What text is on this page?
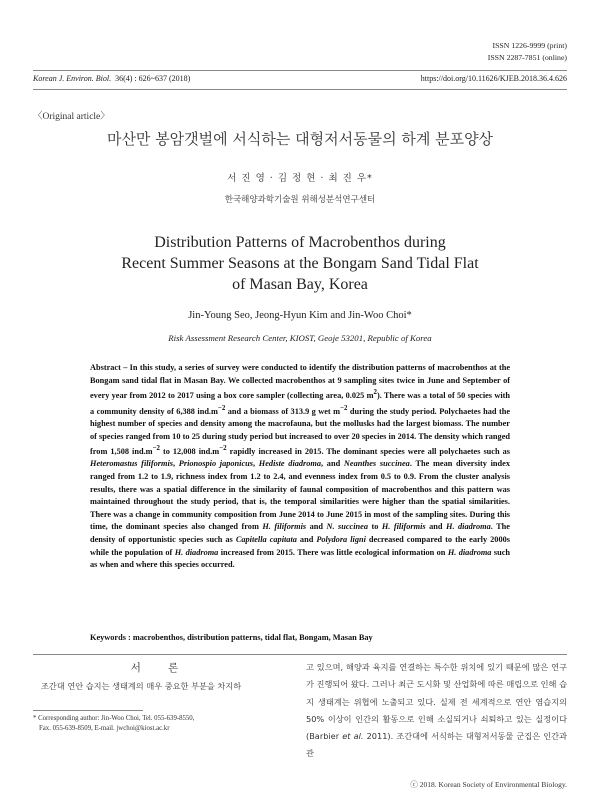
ISSN 1226-9999 (print)
ISSN 2287-7851 (online)
Korean J. Environ. Biol. 36(4) : 626~637 (2018)	https://doi.org/10.11626/KJEB.2018.36.4.626
〈Original article〉
마산만 봉암갯벌에 서식하는 대형저서동물의 하계 분포양상
서 진 영 · 김 정 현 · 최 진 우*
한국해양과학기술원 위해성분석연구센터
Distribution Patterns of Macrobenthos during
Recent Summer Seasons at the Bongam Sand Tidal Flat
of Masan Bay, Korea
Jin-Young Seo, Jeong-Hyun Kim and Jin-Woo Choi*
Risk Assessment Research Center, KIOST, Geoje 53201, Republic of Korea
Abstract – In this study, a series of survey were conducted to identify the distribution patterns of macrobenthos at the Bongam sand tidal flat in Masan Bay. We collected macrobenthos at 9 sampling sites twice in June and September of every year from 2012 to 2017 using a box core sampler (collecting area, 0.025 $m^2$). There was a total of 50 species with a community density of 6,388 $ind.m^{-2}$ and a biomass of 313.9 g wet $m^{-2}$ during the study period. Polychaetes had the highest number of species and density among the macrofauna, but the mollusks had the largest biomass. The number of species ranged from 10 to 25 during study period but increased to over 20 species in 2014. The density which ranged from 1,508 $ind.m^{-2}$ to 12,008 $ind.m^{-2}$ rapidly increased in 2015. The dominant species were all polychaetes such as Heteromastus filiformis, Prionospio japonicus, Hediste diadroma, and Neanthes succinea. The mean diversity index ranged from 1.2 to 1.9, richness index from 1.2 to 2.4, and evenness index from 0.5 to 0.9. From the cluster analysis results, there was a spatial difference in the similarity of faunal composition of macrobenthos and this pattern was maintained throughout the study period, that is, the temporal similarities were higher than the spatial similarities. There was a change in community composition from June 2014 to June 2015 in most of the sampling sites. During this time, the dominant species also changed from H. filiformis and N. succinea to H. filiformis and H. diadroma. The density of opportunistic species such as Capitella capitata and Polydora ligni decreased compared to the early 2000s while the population of H. diadroma increased from 2015. There was little ecological information on H. diadroma such as when and where this species occurred.
Keywords : macrobenthos, distribution patterns, tidal flat, Bongam, Masan Bay
서 론
조간대 연안 습지는 생태계의 매우 중요한 부분을 차지하
* Corresponding author: Jin-Woo Choi, Tel. 055-639-8550,
Fax. 055-639-8509, E-mail. jwchoi@kiost.ac.kr
고 있으며, 해양과 육지를 연결하는 특수한 위치에 있기 때문에 많은 연구가 진행되어 왔다. 그러나 최근 도시화 및 산업화에 따른 매립으로 인해 습지 생태계는 위협에 노출되고 있다. 실제 전 세계적으로 연안 염습지의 50% 이상이 인간의 활동으로 인해 소실되거나 쇠퇴하고 있는 실정이다(Barbier et al. 2011). 조간대에 서식하는 대형저서동물 군집은 인간과 관
ⓒ 2018. Korean Society of Environmental Biology.
